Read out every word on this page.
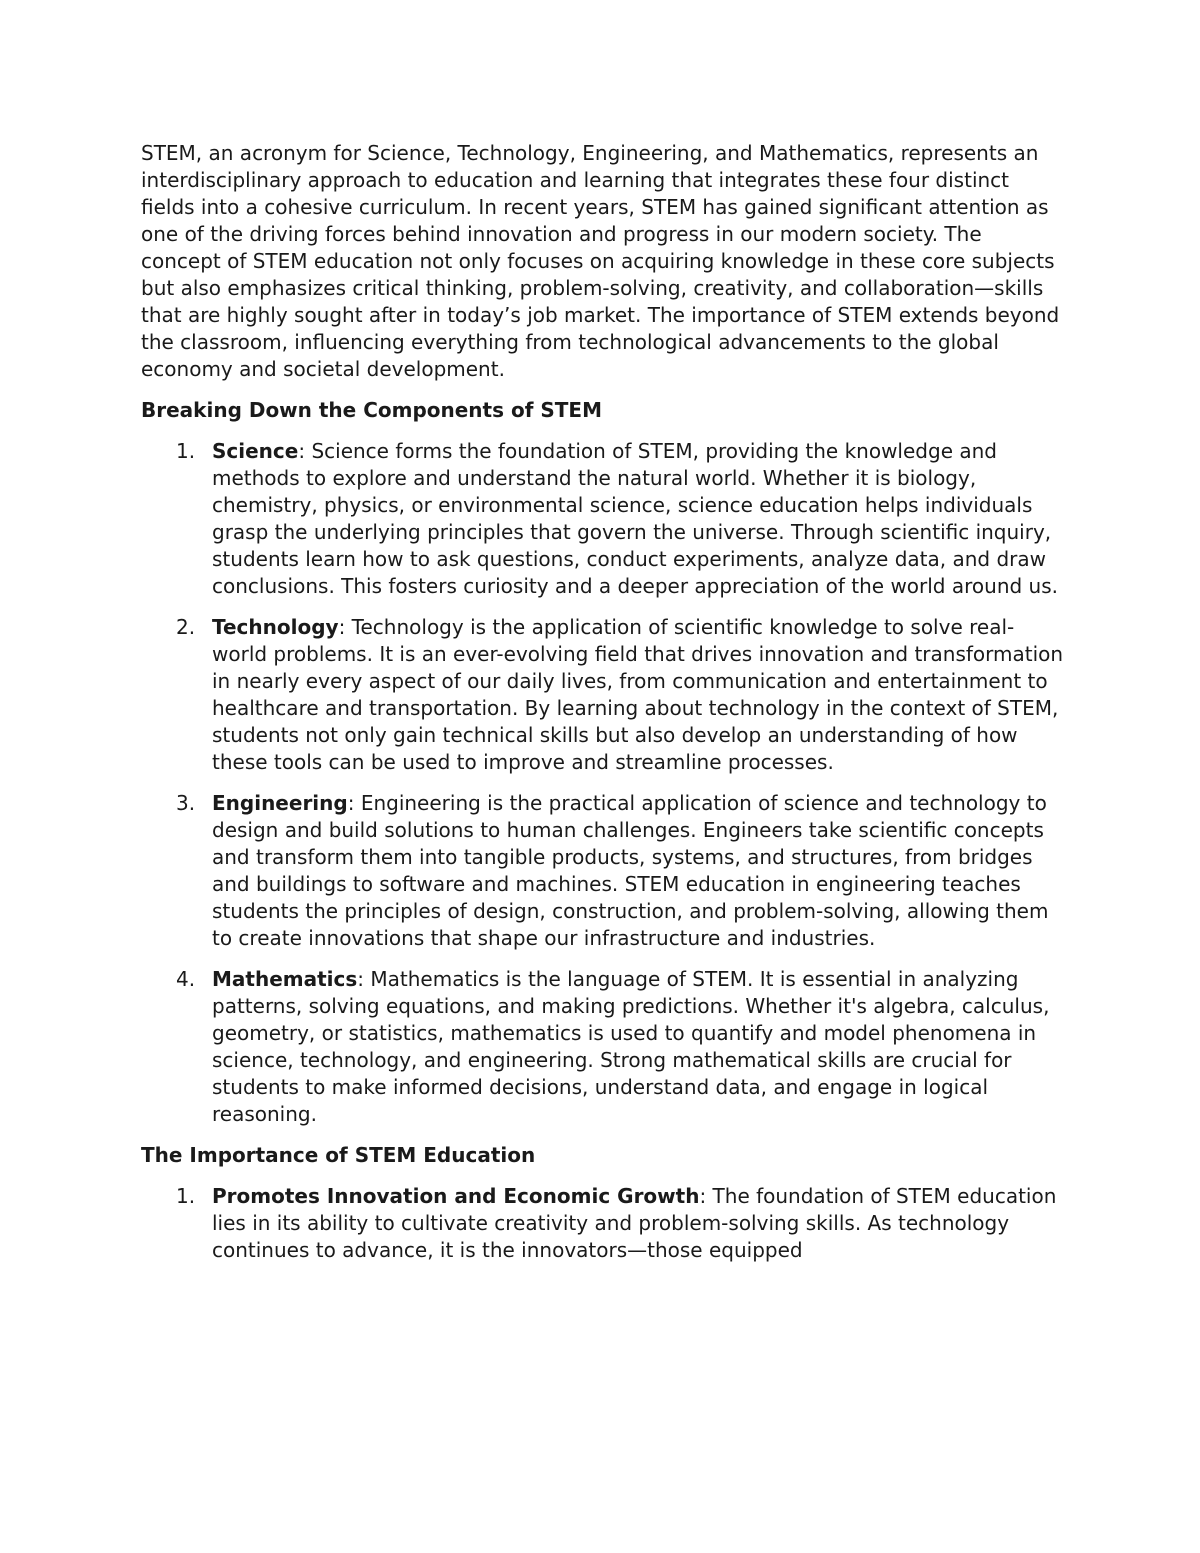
STEM, an acronym for Science, Technology, Engineering, and Mathematics, represents an interdisciplinary approach to education and learning that integrates these four distinct fields into a cohesive curriculum. In recent years, STEM has gained significant attention as one of the driving forces behind innovation and progress in our modern society. The concept of STEM education not only focuses on acquiring knowledge in these core subjects but also emphasizes critical thinking, problem-solving, creativity, and collaboration—skills that are highly sought after in today’s job market. The importance of STEM extends beyond the classroom, influencing everything from technological advancements to the global economy and societal development.

Breaking Down the Components of STEM
1. Science: Science forms the foundation of STEM, providing the knowledge and methods to explore and understand the natural world. Whether it is biology, chemistry, physics, or environmental science, science education helps individuals grasp the underlying principles that govern the universe. Through scientific inquiry, students learn how to ask questions, conduct experiments, analyze data, and draw conclusions. This fosters curiosity and a deeper appreciation of the world around us.
2. Technology: Technology is the application of scientific knowledge to solve real-world problems. It is an ever-evolving field that drives innovation and transformation in nearly every aspect of our daily lives, from communication and entertainment to healthcare and transportation. By learning about technology in the context of STEM, students not only gain technical skills but also develop an understanding of how these tools can be used to improve and streamline processes.
3. Engineering: Engineering is the practical application of science and technology to design and build solutions to human challenges. Engineers take scientific concepts and transform them into tangible products, systems, and structures, from bridges and buildings to software and machines. STEM education in engineering teaches students the principles of design, construction, and problem-solving, allowing them to create innovations that shape our infrastructure and industries.
4. Mathematics: Mathematics is the language of STEM. It is essential in analyzing patterns, solving equations, and making predictions. Whether it's algebra, calculus, geometry, or statistics, mathematics is used to quantify and model phenomena in science, technology, and engineering. Strong mathematical skills are crucial for students to make informed decisions, understand data, and engage in logical reasoning.
The Importance of STEM Education
1. Promotes Innovation and Economic Growth: The foundation of STEM education lies in its ability to cultivate creativity and problem-solving skills. As technology continues to advance, it is the innovators—those equipped
